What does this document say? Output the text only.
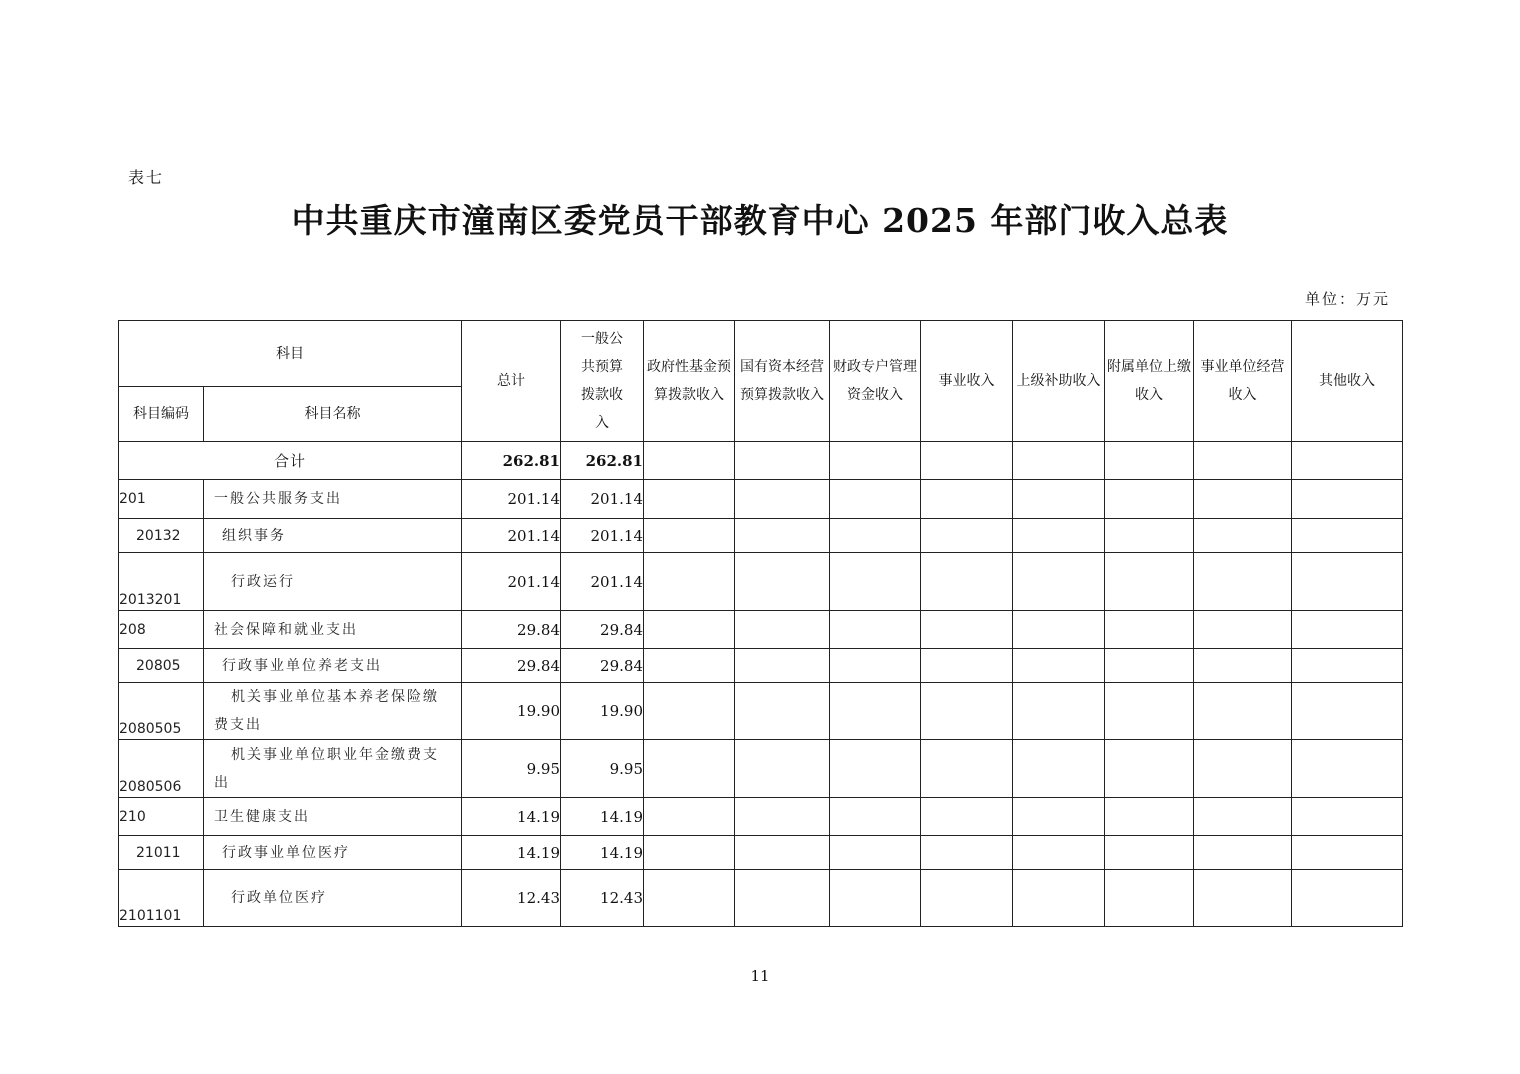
表七
中共重庆市潼南区委党员干部教育中心 2025 年部门收入总表
单位：万元
科目		总计	一般公共预算拨款收入	政府性基金预算拨款收入	国有资本经营预算拨款收入	财政专户管理资金收入	事业收入	上级补助收入	附属单位上缴收入	事业单位经营收入	其他收入
科目编码	科目名称										
合计		262.81	262.81								
201	一般公共服务支出	201.14	201.14								
20132	组织事务	201.14	201.14								
2013201	行政运行	201.14	201.14								
208	社会保障和就业支出	29.84	29.84								
20805	行政事业单位养老支出	29.84	29.84								
2080505	机关事业单位基本养老保险缴费支出	19.90	19.90								
2080506	机关事业单位职业年金缴费支出	9.95	9.95								
210	卫生健康支出	14.19	14.19								
21011	行政事业单位医疗	14.19	14.19								
2101101	行政单位医疗	12.43	12.43								
11
